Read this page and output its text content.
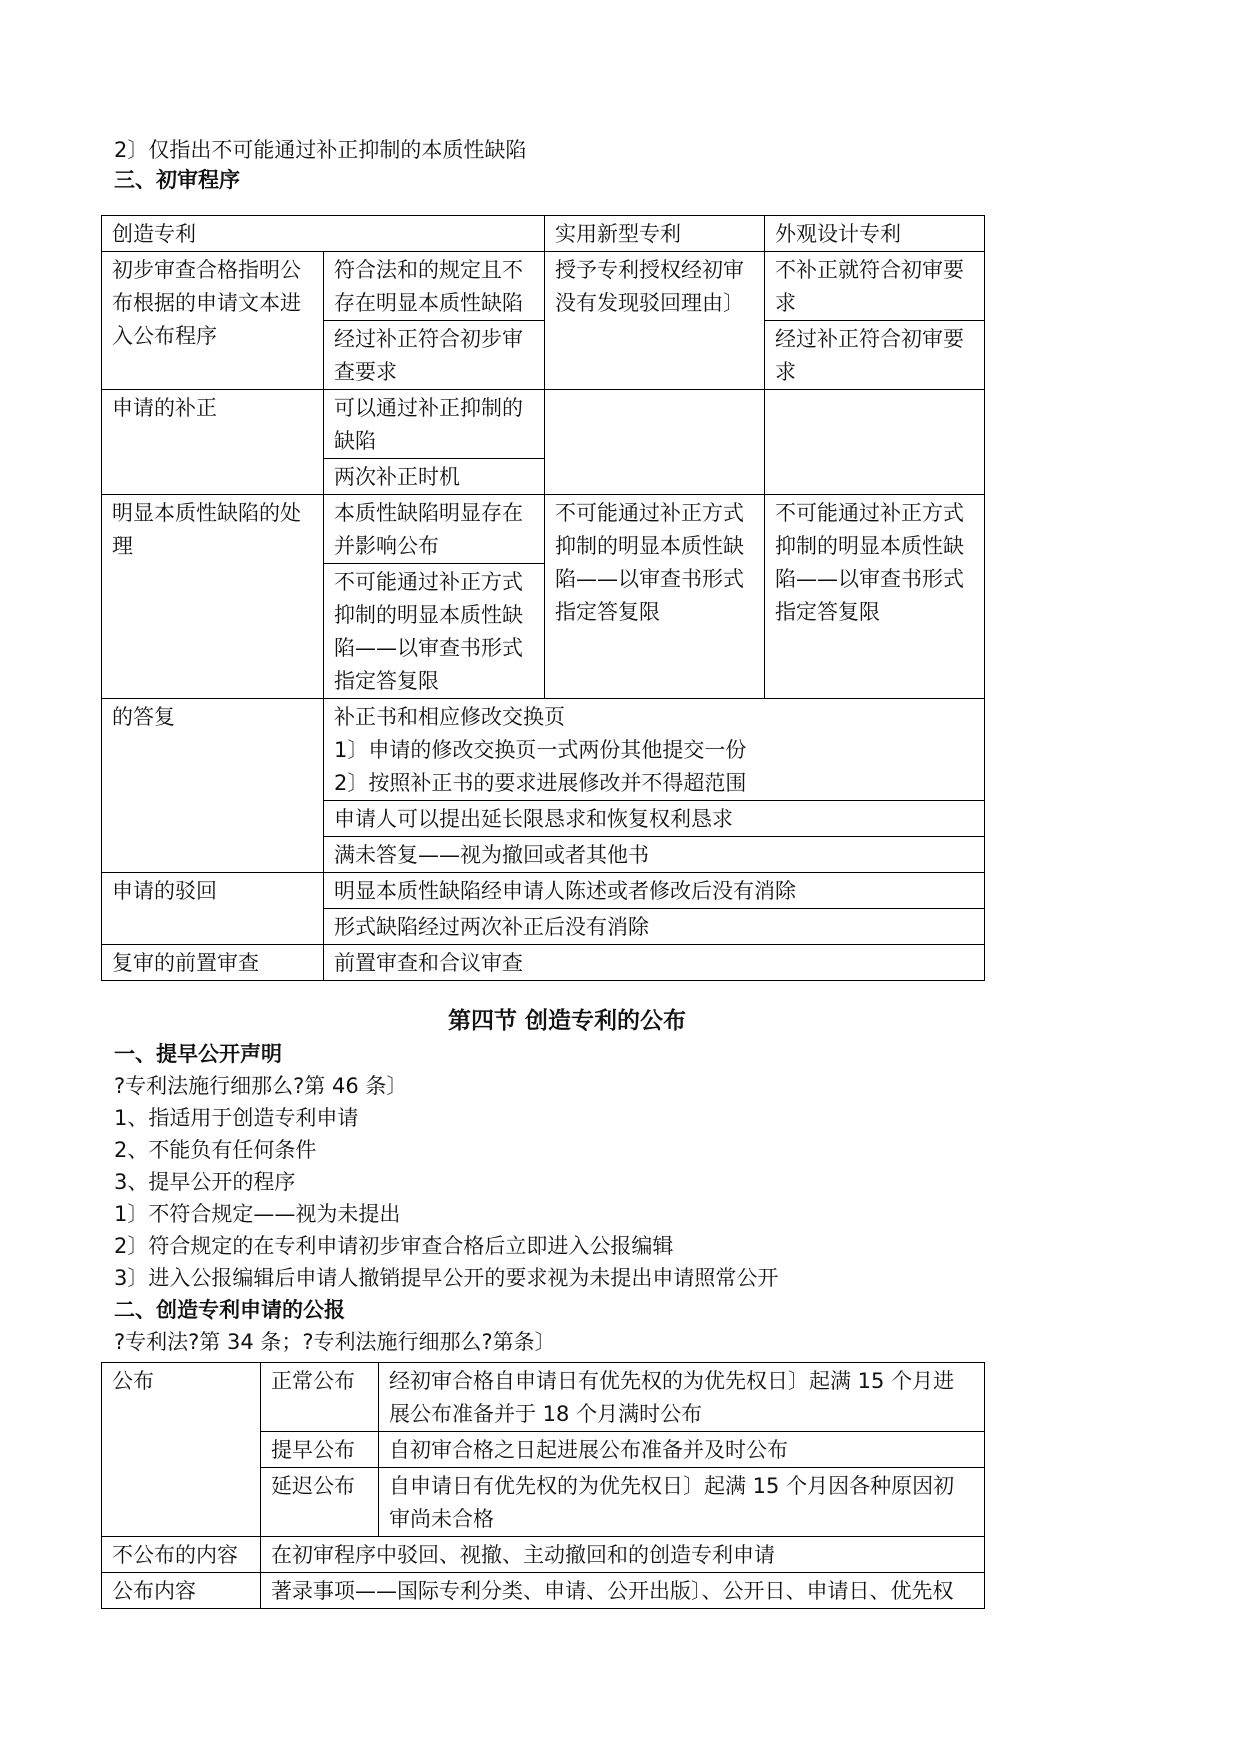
2〕仅指出不可能通过补正抑制的本质性缺陷
三、初审程序
创造专利		实用新型专利	外观设计专利
初步审查合格指明公布根据的申请文本进入公布程序	符合法和的规定且不存在明显本质性缺陷	授予专利授权经初审没有发现驳回理由〕	不补正就符合初审要求
	经过补正符合初步审查要求		经过补正符合初审要求
申请的补正	可以通过补正抑制的缺陷		
	两次补正时机		
明显本质性缺陷的处理	本质性缺陷明显存在并影响公布	不可能通过补正方式抑制的明显本质性缺陷——以审查书形式指定答复限	不可能通过补正方式抑制的明显本质性缺陷——以审查书形式指定答复限
	不可能通过补正方式抑制的明显本质性缺陷——以审查书形式指定答复限		
的答复	补正书和相应修改交换页
1〕申请的修改交换页一式两份其他提交一份
2〕按照补正书的要求进展修改并不得超范围		

	申请人可以提出延长限恳求和恢复权利恳求		
	满未答复——视为撤回或者其他书		
申请的驳回	明显本质性缺陷经申请人陈述或者修改后没有消除		
	形式缺陷经过两次补正后没有消除		
复审的前置审查	前置审查和合议审查		
第四节 创造专利的公布
一、提早公开声明
?专利法施行细那么?第 46 条〕
1、指适用于创造专利申请
2、不能负有任何条件
3、提早公开的程序
1〕不符合规定——视为未提出
2〕符合规定的在专利申请初步审查合格后立即进入公报编辑
3〕进入公报编辑后申请人撤销提早公开的要求视为未提出申请照常公开
二、创造专利申请的公报
?专利法?第 34 条；?专利法施行细那么?第条〕
公布	正常公布	经初审合格自申请日有优先权的为优先权日〕起满 15 个月进展公布准备并于 18 个月满时公布
	提早公布	自初审合格之日起进展公布准备并及时公布
	延迟公布	自申请日有优先权的为优先权日〕起满 15 个月因各种原因初审尚未合格
不公布的内容	在初审程序中驳回、视撤、主动撤回和的创造专利申请	
公布内容	著录事项——国际专利分类、申请、公开出版〕、公开日、申请日、优先权	
